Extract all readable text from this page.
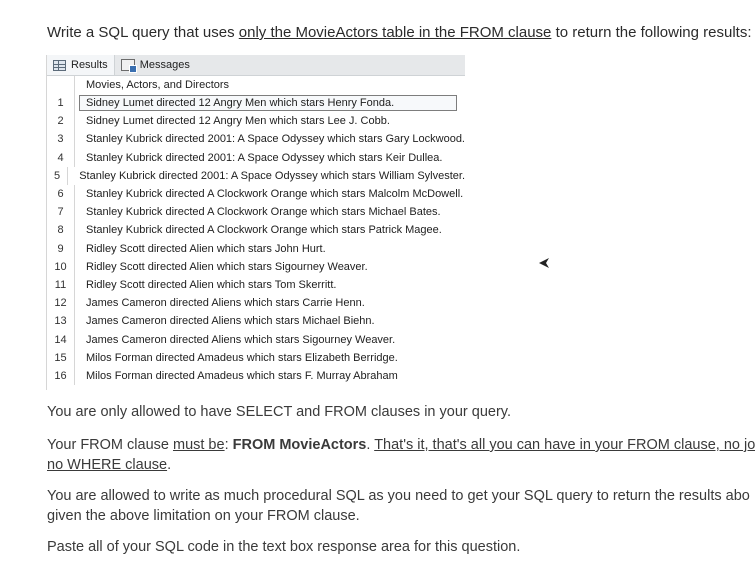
Write a SQL query that uses only the MovieActors table in the FROM clause to return the following results:
Results	Messages
Movies, Actors, and Directors
1	Sidney Lumet directed 12 Angry Men which stars Henry Fonda.
2	Sidney Lumet directed 12 Angry Men which stars Lee J. Cobb.
3	Stanley Kubrick directed 2001: A Space Odyssey which stars Gary Lockwood.
4	Stanley Kubrick directed 2001: A Space Odyssey which stars Keir Dullea.
5	Stanley Kubrick directed 2001: A Space Odyssey which stars William Sylvester.
6	Stanley Kubrick directed A Clockwork Orange which stars Malcolm McDowell.
7	Stanley Kubrick directed A Clockwork Orange which stars Michael Bates.
8	Stanley Kubrick directed A Clockwork Orange which stars Patrick Magee.
9	Ridley Scott directed Alien which stars John Hurt.
10	Ridley Scott directed Alien which stars Sigourney Weaver.
11	Ridley Scott directed Alien which stars Tom Skerritt.
12	James Cameron directed Aliens which stars Carrie Henn.
13	James Cameron directed Aliens which stars Michael Biehn.
14	James Cameron directed Aliens which stars Sigourney Weaver.
15	Milos Forman directed Amadeus which stars Elizabeth Berridge.
16	Milos Forman directed Amadeus which stars F. Murray Abraham
You are only allowed to have SELECT and FROM clauses in your query.
Your FROM clause must be: FROM MovieActors. That's it, that's all you can have in your FROM clause, no jo
no WHERE clause.
You are allowed to write as much procedural SQL as you need to get your SQL query to return the results abo
given the above limitation on your FROM clause.
Paste all of your SQL code in the text box response area for this question.
